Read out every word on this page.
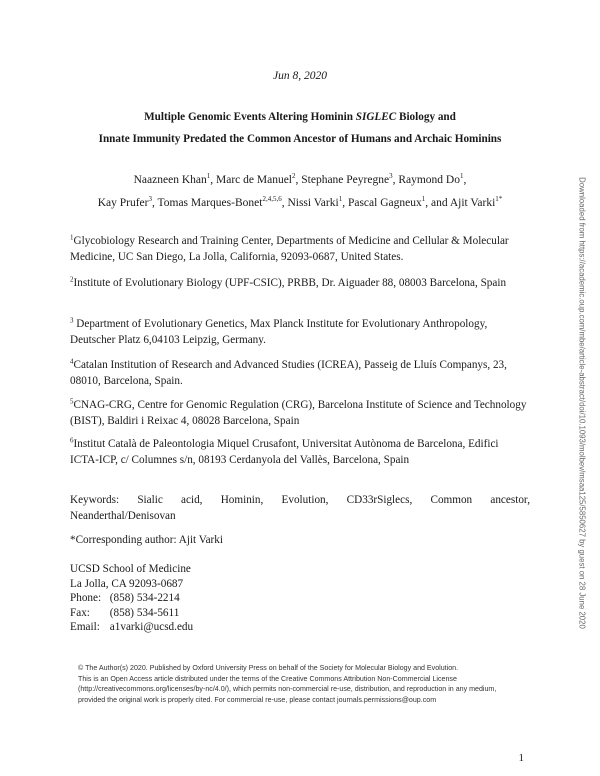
Jun 8, 2020
Multiple Genomic Events Altering Hominin SIGLEC Biology and
Innate Immunity Predated the Common Ancestor of Humans and Archaic Hominins
Naazneen Khan$^1$, Marc de Manuel$^2$, Stephane Peyregne$^3$, Raymond Do$^1$,
Kay Prufer$^3$, Tomas Marques-Bonet$^{2,4,5,6}$, Nissi Varki$^1$, Pascal Gagneux$^1$, and Ajit Varki$^{1*}$
$^1$Glycobiology Research and Training Center, Departments of Medicine and Cellular & Molecular Medicine, UC San Diego, La Jolla, California, 92093-0687, United States.
$^2$Institute of Evolutionary Biology (UPF-CSIC), PRBB, Dr. Aiguader 88, 08003 Barcelona, Spain
$^3$ Department of Evolutionary Genetics, Max Planck Institute for Evolutionary Anthropology, Deutscher Platz 6,04103 Leipzig, Germany.
$^4$Catalan Institution of Research and Advanced Studies (ICREA), Passeig de Lluís Companys, 23, 08010, Barcelona, Spain.
$^5$CNAG-CRG, Centre for Genomic Regulation (CRG), Barcelona Institute of Science and Technology (BIST), Baldiri i Reixac 4, 08028 Barcelona, Spain
$^6$Institut Català de Paleontologia Miquel Crusafont, Universitat Autònoma de Barcelona, Edifici ICTA-ICP, c/ Columnes s/n, 08193 Cerdanyola del Vallès, Barcelona, Spain
Keywords: Sialic acid, Hominin, Evolution, CD33rSiglecs, Common ancestor, Neanderthal/Denisovan
*Corresponding author: Ajit Varki
UCSD School of Medicine
La Jolla, CA 92093-0687
Phone: (858) 534-2214
Fax: (858) 534-5611
Email: a1varki@ucsd.edu
© The Author(s) 2020. Published by Oxford University Press on behalf of the Society for Molecular Biology and Evolution.
This is an Open Access article distributed under the terms of the Creative Commons Attribution Non-Commercial License
(http://creativecommons.org/licenses/by-nc/4.0/), which permits non-commercial re-use, distribution, and reproduction in any medium,
provided the original work is properly cited. For commercial re-use, please contact journals.permissions@oup.com
1
Downloaded from https://academic.oup.com/mbe/article-abstract/doi/10.1093/molbev/msaa125/5850627 by guest on 28 June 2020
